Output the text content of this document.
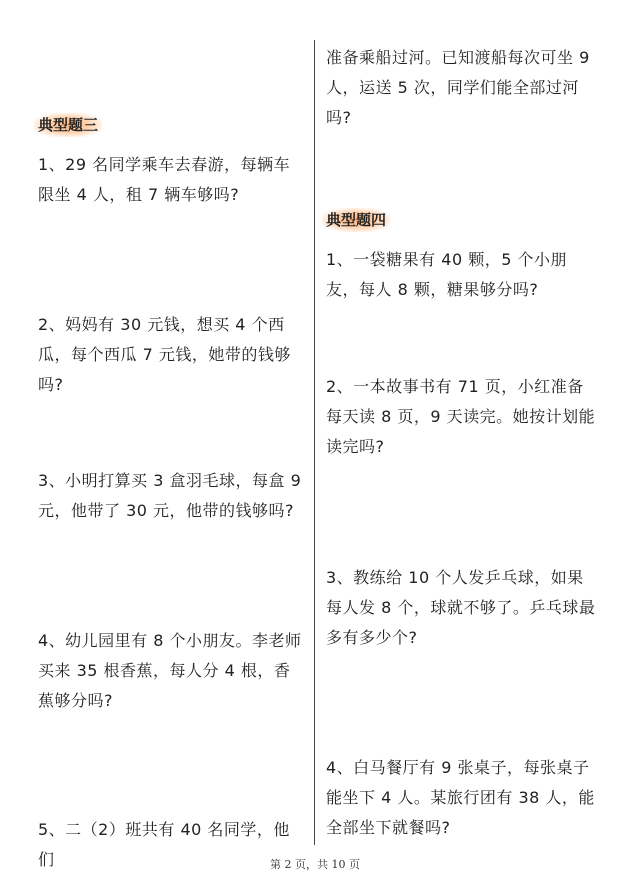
典型题三
1、29 名同学乘车去春游，每辆车限坐 4 人，租 7 辆车够吗?
2、妈妈有 30 元钱，想买 4 个西瓜，每个西瓜 7 元钱，她带的钱够吗?
3、小明打算买 3 盒羽毛球，每盒 9 元，他带了 30 元，他带的钱够吗?
4、幼儿园里有 8 个小朋友。李老师买来 35 根香蕉，每人分 4 根，香蕉够分吗?
5、二（2）班共有 40 名同学，他们
准备乘船过河。已知渡船每次可坐 9 人，运送 5 次，同学们能全部过河吗?
典型题四
1、一袋糖果有 40 颗，5 个小朋友，每人 8 颗，糖果够分吗?
2、一本故事书有 71 页，小红准备每天读 8 页，9 天读完。她按计划能读完吗?
3、教练给 10 个人发乒乓球，如果每人发 8 个，球就不够了。乒乓球最多有多少个?
4、白马餐厅有 9 张桌子，每张桌子能坐下 4 人。某旅行团有 38 人，能全部坐下就餐吗?
第 2 页，共 10 页
